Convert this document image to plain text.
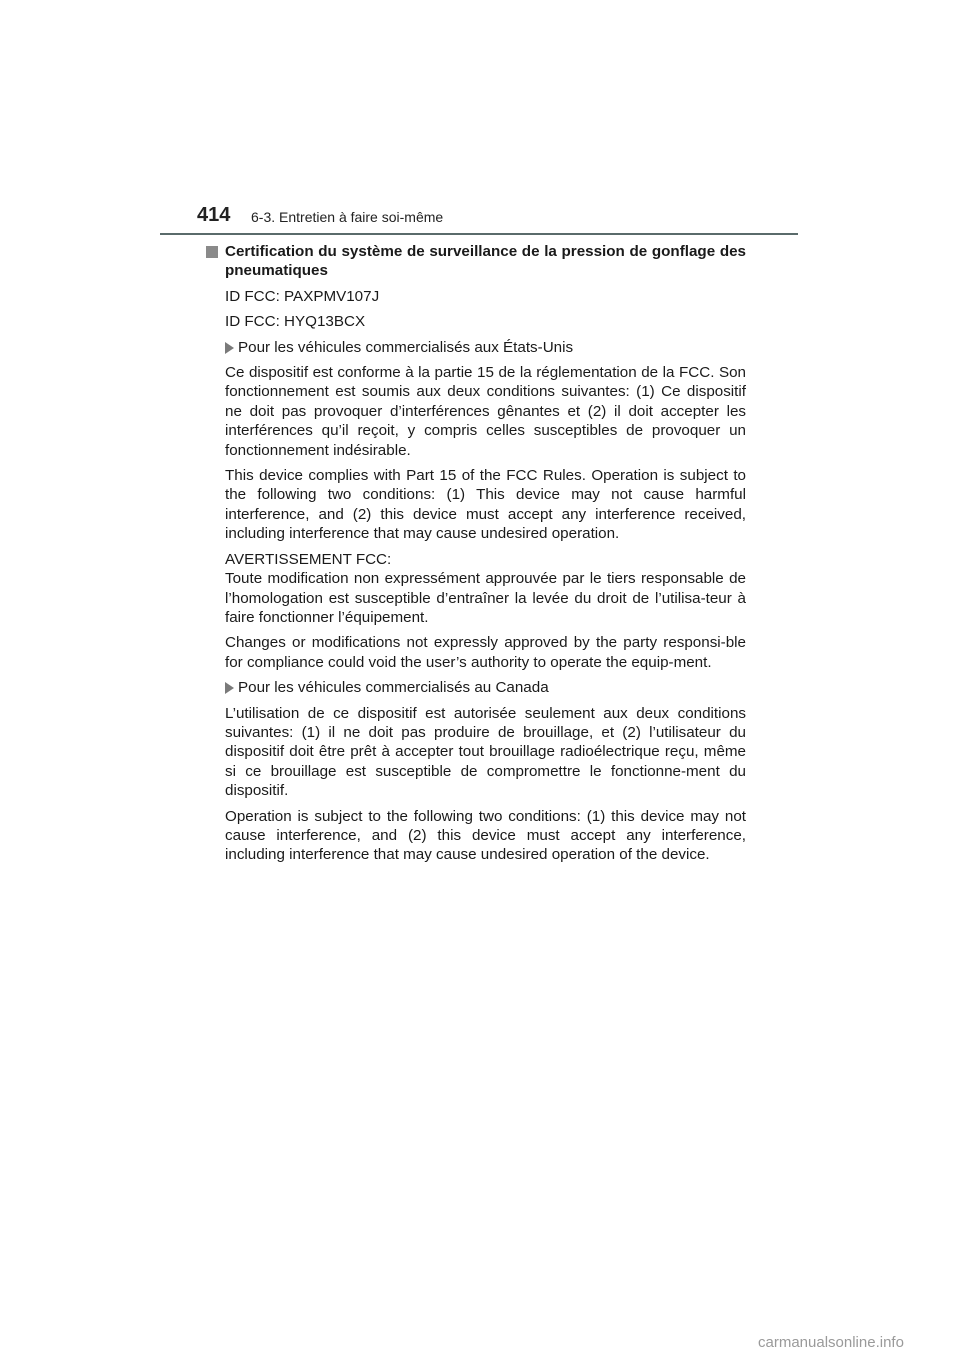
414 6-3. Entretien à faire soi-même

Certification du système de surveillance de la pression de gonflage des pneumatiques

ID FCC: PAXPMV107J

ID FCC: HYQ13BCX

Pour les véhicules commercialisés aux États-Unis

Ce dispositif est conforme à la partie 15 de la réglementation de la FCC. Son fonctionnement est soumis aux deux conditions suivantes: (1) Ce dispositif ne doit pas provoquer d’interférences gênantes et (2) il doit accepter les interférences qu’il reçoit, y compris celles susceptibles de provoquer un fonctionnement indésirable.

This device complies with Part 15 of the FCC Rules. Operation is subject to the following two conditions: (1) This device may not cause harmful interference, and (2) this device must accept any interference received, including interference that may cause undesired operation.

AVERTISSEMENT FCC:
Toute modification non expressément approuvée par le tiers responsable de l’homologation est susceptible d’entraîner la levée du droit de l’utilisa-teur à faire fonctionner l’équipement.

Changes or modifications not expressly approved by the party responsi-ble for compliance could void the user’s authority to operate the equip-ment.

Pour les véhicules commercialisés au Canada

L’utilisation de ce dispositif est autorisée seulement aux deux conditions suivantes: (1) il ne doit pas produire de brouillage, et (2) l’utilisateur du dispositif doit être prêt à accepter tout brouillage radioélectrique reçu, même si ce brouillage est susceptible de compromettre le fonctionne-ment du dispositif.

Operation is subject to the following two conditions: (1) this device may not cause interference, and (2) this device must accept any interference, including interference that may cause undesired operation of the device.

carmanualsonline.info
